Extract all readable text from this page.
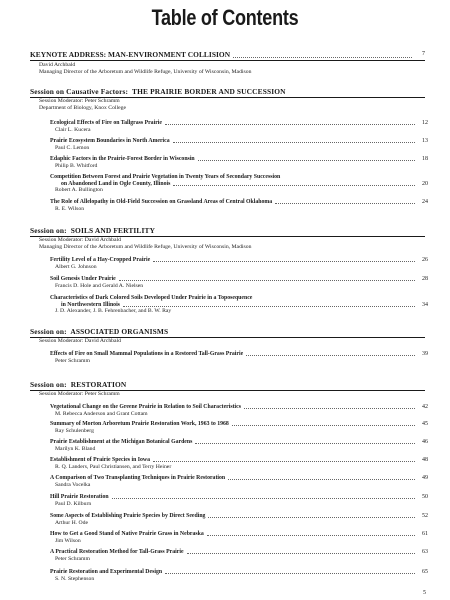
Table of Contents
KEYNOTE ADDRESS: MAN-ENVIRONMENT COLLISION	7
David Archbald
Managing Director of the Arboretum and Wildlife Refuge, University of Wisconsin, Madison
Session on Causative Factors: THE PRAIRIE BORDER AND SUCCESSION
Session Moderator: Peter Schramm
Department of Biology, Knox College
Ecological Effects of Fire on Tallgrass Prairie	12
Clair L. Kucera
Prairie Ecosystem Boundaries in North America	13
Paul C. Lemon
Edaphic Factors in the Prairie-Forest Border in Wisconsin	18
Philip B. Whitford
Competition Between Forest and Prairie Vegetation in Twenty Years of Secondary Succession
on Abandoned Land in Ogle County, Illinois	20
Robert A. Bullington
The Role of Allelopathy in Old-Field Succession on Grassland Areas of Central Oklahoma	24
R. E. Wilson
Session on: SOILS AND FERTILITY
Session Moderator: David Archbald
Managing Director of the Arboretum and Wildlife Refuge, University of Wisconsin, Madison
Fertility Level of a Hay-Cropped Prairie	26
Albert G. Johnson
Soil Genesis Under Prairie	28
Francis D. Hole and Gerald A. Nielsen
Characteristics of Dark Colored Soils Developed Under Prairie in a Toposequence
in Northwestern Illinois	34
J. D. Alexander, J. B. Fehrenbacher, and B. W. Ray
Session on: ASSOCIATED ORGANISMS
Session Moderator: David Archbald
Effects of Fire on Small Mammal Populations in a Restored Tall-Grass Prairie	39
Peter Schramm
Session on: RESTORATION
Session Moderator: Peter Schramm
Vegetational Change on the Greene Prairie in Relation to Soil Characteristics	42
M. Rebecca Anderson and Grant Cottam
Summary of Morton Arboretum Prairie Restoration Work, 1963 to 1968	45
Ray Schulenberg
Prairie Establishment at the Michigan Botanical Gardens	46
Marilyn K. Bland
Establishment of Prairie Species in Iowa	48
R. Q. Landers, Paul Christiansen, and Terry Heiner
A Comparison of Two Transplanting Techniques in Prairie Restoration	49
Sandra Vocelka
Hill Prairie Restoration	50
Paul D. Kilburn
Some Aspects of Establishing Prairie Species by Direct Seeding	52
Arthur H. Ode
How to Get a Good Stand of Native Prairie Grass in Nebraska	61
Jim Wilson
A Practical Restoration Method for Tall-Grass Prairie	63
Peter Schramm
Prairie Restoration and Experimental Design	65
S. N. Stephenson
5
